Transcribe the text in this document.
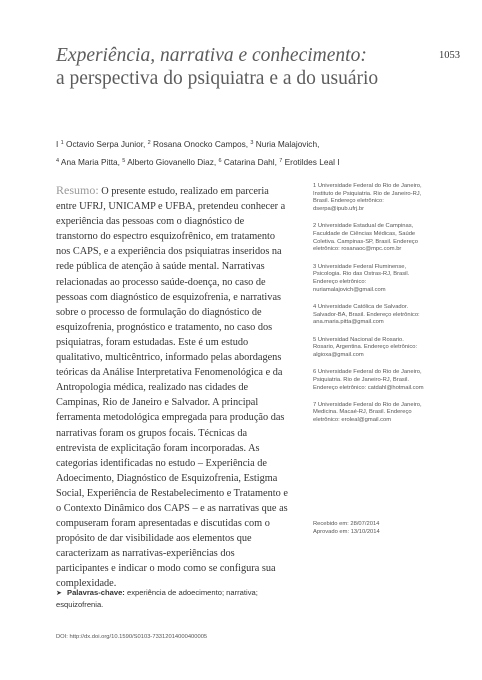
1053
Experiência, narrativa e conhecimento:
a perspectiva do psiquiatra e a do usuário
I $^1$ Octavio Serpa Junior, $^2$ Rosana Onocko Campos, $^3$ Nuria Malajovich,
$^4$ Ana Maria Pitta, $^5$ Alberto Giovanello Diaz, $^6$ Catarina Dahl, $^7$ Erotildes Leal I
Resumo: O presente estudo, realizado em parceria entre UFRJ, UNICAMP e UFBA, pretendeu conhecer a experiência das pessoas com o diagnóstico de transtorno do espectro esquizofrênico, em tratamento nos CAPS, e a experiência dos psiquiatras inseridos na rede pública de atenção à saúde mental. Narrativas relacionadas ao processo saúde-doença, no caso de pessoas com diagnóstico de esquizofrenia, e narrativas sobre o processo de formulação do diagnóstico de esquizofrenia, prognóstico e tratamento, no caso dos psiquiatras, foram estudadas. Este é um estudo qualitativo, multicêntrico, informado pelas abordagens teóricas da Análise Interpretativa Fenomenológica e da Antropologia médica, realizado nas cidades de Campinas, Rio de Janeiro e Salvador. A principal ferramenta metodológica empregada para produção das narrativas foram os grupos focais. Técnicas da entrevista de explicitação foram incorporadas. As categorias identificadas no estudo – Experiência de Adoecimento, Diagnóstico de Esquizofrenia, Estigma Social, Experiência de Restabelecimento e Tratamento e o Contexto Dinâmico dos CAPS – e as narrativas que as compuseram foram apresentadas e discutidas com o propósito de dar visibilidade aos elementos que caracterizam as narrativas-experiências dos participantes e indicar o modo como se configura sua complexidade.
➤ Palavras-chave: experiência de adoecimento; narrativa; esquizofrenia.
1 Universidade Federal do Rio de Janeiro, Instituto de Psiquiatria. Rio de Janeiro-RJ, Brasil. Endereço eletrônico: dserpa@ipub.ufrj.br
2 Universidade Estadual de Campinas, Faculdade de Ciências Médicas, Saúde Coletiva. Campinas-SP, Brasil. Endereço eletrônico: rosanaoc@mpc.com.br
3 Universidade Federal Fluminense, Psicologia. Rio das Ostras-RJ, Brasil. Endereço eletrônico: nuriamalajovich@gmail.com
4 Universidade Católica de Salvador. Salvador-BA, Brasil. Endereço eletrônico: ana.maria.pitta@gmail.com
5 Universidad Nacional de Rosario. Rosario, Argentina. Endereço eletrônico: algioxa@gmail.com
6 Universidade Federal do Rio de Janeiro, Psiquiatria. Rio de Janeiro-RJ, Brasil. Endereço eletrônico: catdahl@hotmail.com
7 Universidade Federal do Rio de Janeiro, Medicina. Macaé-RJ, Brasil. Endereço eletrônico: eroleal@gmail.com
Recebido em: 28/07/2014
Aprovado em: 13/10/2014
DOI: http://dx.doi.org/10.1590/S0103-73312014000400005
